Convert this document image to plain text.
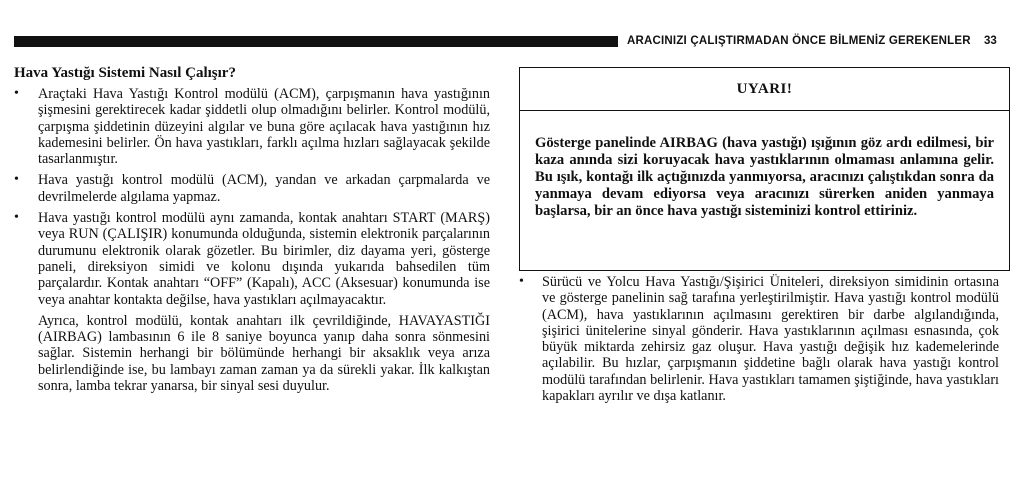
ARACINIZI ÇALIŞTIRMADAN ÖNCE BİLMENİZ GEREKENLER 33
Hava Yastığı Sistemi Nasıl Çalışır?
• Araçtaki Hava Yastığı Kontrol modülü (ACM), çarpışmanın hava yastığının şişmesini gerektirecek kadar şiddetli olup olmadığını belirler. Kontrol modülü, çarpışma şiddetinin düzeyini algılar ve buna göre açılacak hava yastığının hız kademesini belirler. Ön hava yastıkları, farklı açılma hızları sağlayacak şekilde tasarlanmıştır.
• Hava yastığı kontrol modülü (ACM), yandan ve arkadan çarpmalarda ve devrilmelerde algılama yapmaz.
• Hava yastığı kontrol modülü aynı zamanda, kontak anahtarı START (MARŞ) veya RUN (ÇALIŞIR) konumunda olduğunda, sistemin elektronik parçalarının durumunu elektronik olarak gözetler. Bu birimler, diz dayama yeri, gösterge paneli, direksiyon simidi ve kolonu dışında yukarıda bahsedilen tüm parçalardır. Kontak anahtarı “OFF” (Kapalı), ACC (Aksesuar) konumunda ise veya anahtar kontakta değilse, hava yastıkları açılmayacaktır.
Ayrıca, kontrol modülü, kontak anahtarı ilk çevrildiğinde, HAVAYASTIĞI (AIRBAG) lambasının 6 ile 8 saniye boyunca yanıp daha sonra sönmesini sağlar. Sistemin herhangi bir bölümünde herhangi bir aksaklık veya arıza belirlendiğinde ise, bu lambayı zaman zaman ya da sürekli yakar. İlk kalkıştan sonra, lamba tekrar yanarsa, bir sinyal sesi duyulur.
UYARI!
Gösterge panelinde AIRBAG (hava yastığı) ışığının göz ardı edilmesi, bir kaza anında sizi koruyacak hava yastıklarının olmaması anlamına gelir. Bu ışık, kontağı ilk açtığınızda yanmıyorsa, aracınızı çalıştıkdan sonra da yanmaya devam ediyorsa veya aracınızı sürerken aniden yanmaya başlarsa, bir an önce hava yastığı sisteminizi kontrol ettiriniz.
• Sürücü ve Yolcu Hava Yastığı/Şişirici Üniteleri, direksiyon simidinin ortasına ve gösterge panelinin sağ tarafına yerleştirilmiştir. Hava yastığı kontrol modülü (ACM), hava yastıklarının açılmasını gerektiren bir darbe algılandığında, şişirici ünitelerine sinyal gönderir. Hava yastıklarının açılması esnasında, çok büyük miktarda zehirsiz gaz oluşur. Hava yastığı değişik hız kademelerinde açılabilir. Bu hızlar, çarpışmanın şiddetine bağlı olarak hava yastığı kontrol modülü tarafından belirlenir. Hava yastıkları tamamen şiştiğinde, hava yastıkları kapakları ayrılır ve dışa katlanır.
